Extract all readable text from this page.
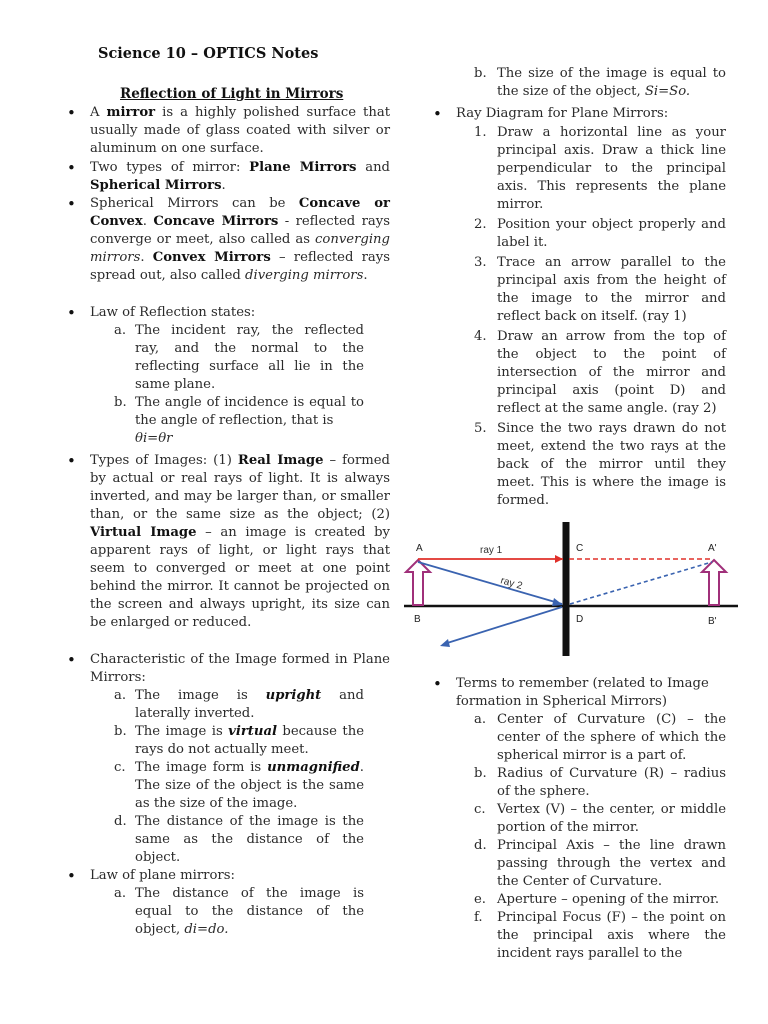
Science 10 – OPTICS Notes
Reflection of Light in Mirrors
• A mirror is a highly polished surface that usually made of glass coated with silver or aluminum on one surface.
• Two types of mirror: Plane Mirrors and Spherical Mirrors.
• Spherical Mirrors can be Concave or Convex. Concave Mirrors - reflected rays converge or meet, also called as converging mirrors. Convex Mirrors – reflected rays spread out, also called diverging mirrors.
• Law of Reflection states:
a. The incident ray, the reflected ray, and the normal to the reflecting surface all lie in the same plane.
b. The angle of incidence is equal to the angle of reflection, that is
θi=θr
• Types of Images: (1) Real Image – formed by actual or real rays of light. It is always inverted, and may be larger than, or smaller than, or the same size as the object; (2) Virtual Image – an image is created by apparent rays of light, or light rays that seem to converged or meet at one point behind the mirror. It cannot be projected on the screen and always upright, its size can be enlarged or reduced.
• Characteristic of the Image formed in Plane Mirrors:
a. The image is upright and laterally inverted.
b. The image is virtual because the rays do not actually meet.
c. The image form is unmagnified. The size of the object is the same as the size of the image.
d. The distance of the image is the same as the distance of the object.
• Law of plane mirrors:
a. The distance of the image is equal to the distance of the object, di=do.
b. The size of the image is equal to the size of the object, Si=So.
• Ray Diagram for Plane Mirrors:
1. Draw a horizontal line as your principal axis. Draw a thick line perpendicular to the principal axis. This represents the plane mirror.
2. Position your object properly and label it.
3. Trace an arrow parallel to the principal axis from the height of the image to the mirror and reflect back on itself. (ray 1)
4. Draw an arrow from the top of the object to the point of intersection of the mirror and principal axis (point D) and reflect at the same angle. (ray 2)
5. Since the two rays drawn do not meet, extend the two rays at the back of the mirror until they meet. This is where the image is formed.
• Terms to remember (related to Image formation in Spherical Mirrors)
a. Center of Curvature (C) – the center of the sphere of which the spherical mirror is a part of.
b. Radius of Curvature (R) – radius of the sphere.
c. Vertex (V) – the center, or middle portion of the mirror.
d. Principal Axis – the line drawn passing through the vertex and the Center of Curvature.
e. Aperture – opening of the mirror.
f. Principal Focus (F) – the point on the principal axis where the incident rays parallel to the
A
B
C
D
A'
B'
ray 1
ray 2
